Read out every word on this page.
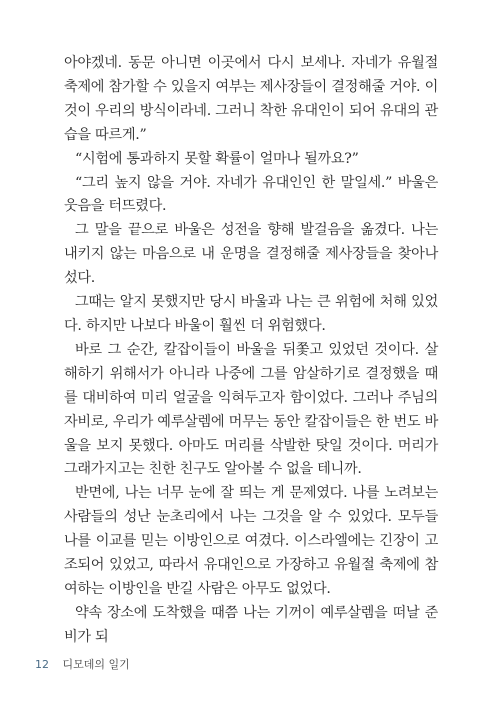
아야겠네. 동문 아니면 이곳에서 다시 보세나. 자네가 유월절 축제에 참가할 수 있을지 여부는 제사장들이 결정해줄 거야. 이것이 우리의 방식이라네. 그러니 착한 유대인이 되어 유대의 관습을 따르게.”

“시험에 통과하지 못할 확률이 얼마나 될까요?”

“그리 높지 않을 거야. 자네가 유대인인 한 말일세.” 바울은 웃음을 터뜨렸다.

그 말을 끝으로 바울은 성전을 향해 발걸음을 옮겼다. 나는 내키지 않는 마음으로 내 운명을 결정해줄 제사장들을 찾아나섰다.

그때는 알지 못했지만 당시 바울과 나는 큰 위험에 처해 있었다. 하지만 나보다 바울이 훨씬 더 위험했다.

바로 그 순간, 칼잡이들이 바울을 뒤쫓고 있었던 것이다. 살해하기 위해서가 아니라 나중에 그를 암살하기로 결정했을 때를 대비하여 미리 얼굴을 익혀두고자 함이었다. 그러나 주님의 자비로, 우리가 예루살렘에 머무는 동안 칼잡이들은 한 번도 바울을 보지 못했다. 아마도 머리를 삭발한 탓일 것이다. 머리가 그래가지고는 친한 친구도 알아볼 수 없을 테니까.

반면에, 나는 너무 눈에 잘 띄는 게 문제였다. 나를 노려보는 사람들의 성난 눈초리에서 나는 그것을 알 수 있었다. 모두들 나를 이교를 믿는 이방인으로 여겼다. 이스라엘에는 긴장이 고조되어 있었고, 따라서 유대인으로 가장하고 유월절 축제에 참여하는 이방인을 반길 사람은 아무도 없었다.

약속 장소에 도착했을 때쯤 나는 기꺼이 예루살렘을 떠날 준비가 되

12 디모데의 일기
